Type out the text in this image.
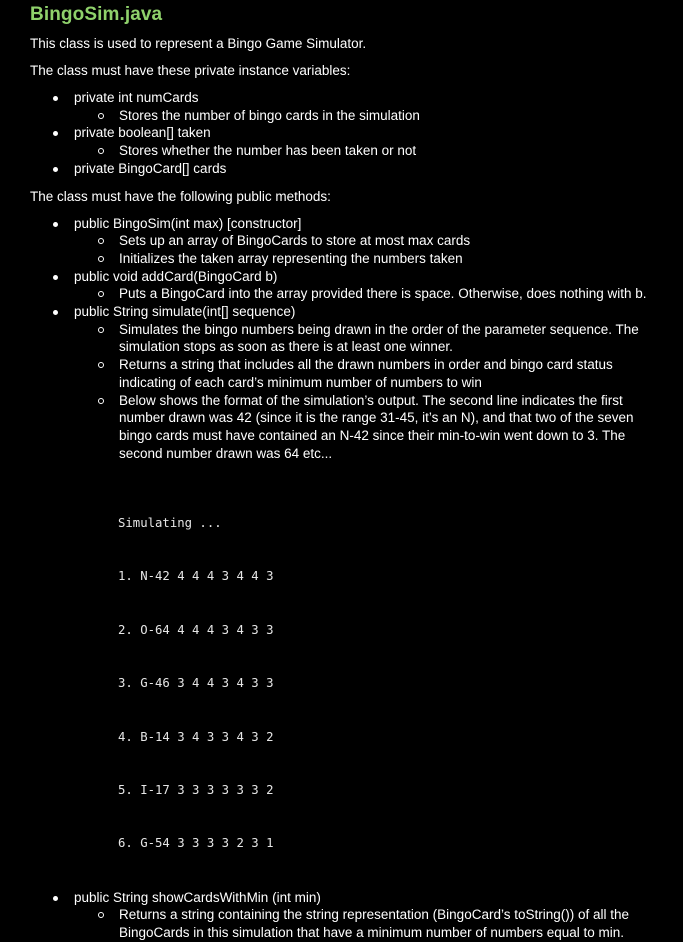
BingoSim.java

This class is used to represent a Bingo Game Simulator.

The class must have these private instance variables:

private int numCards
Stores the number of bingo cards in the simulation
private boolean[] taken
Stores whether the number has been taken or not
private BingoCard[] cards

The class must have the following public methods:

public BingoSim(int max) [constructor]
Sets up an array of BingoCards to store at most max cards
Initializes the taken array representing the numbers taken
public void addCard(BingoCard b)
Puts a BingoCard into the array provided there is space. Otherwise, does nothing with b.
public String simulate(int[] sequence)
Simulates the bingo numbers being drawn in the order of the parameter sequence. The simulation stops as soon as there is at least one winner.
Returns a string that includes all the drawn numbers in order and bingo card status indicating of each card’s minimum number of numbers to win
Below shows the format of the simulation’s output. The second line indicates the first number drawn was 42 (since it is the range 31-45, it’s an N), and that two of the seven bingo cards must have contained an N-42 since their min-to-win went down to 3. The second number drawn was 64 etc...

Simulating ...

1. N-42 4 4 4 3 4 4 3

2. O-64 4 4 4 3 4 3 3

3. G-46 3 4 4 3 4 3 3

4. B-14 3 4 3 3 4 3 2

5. I-17 3 3 3 3 3 3 2

6. G-54 3 3 3 3 2 3 1

public String showCardsWithMin (int min)
Returns a string containing the string representation (BingoCard’s toString()) of all the BingoCards in this simulation that have a minimum number of numbers equal to min.
